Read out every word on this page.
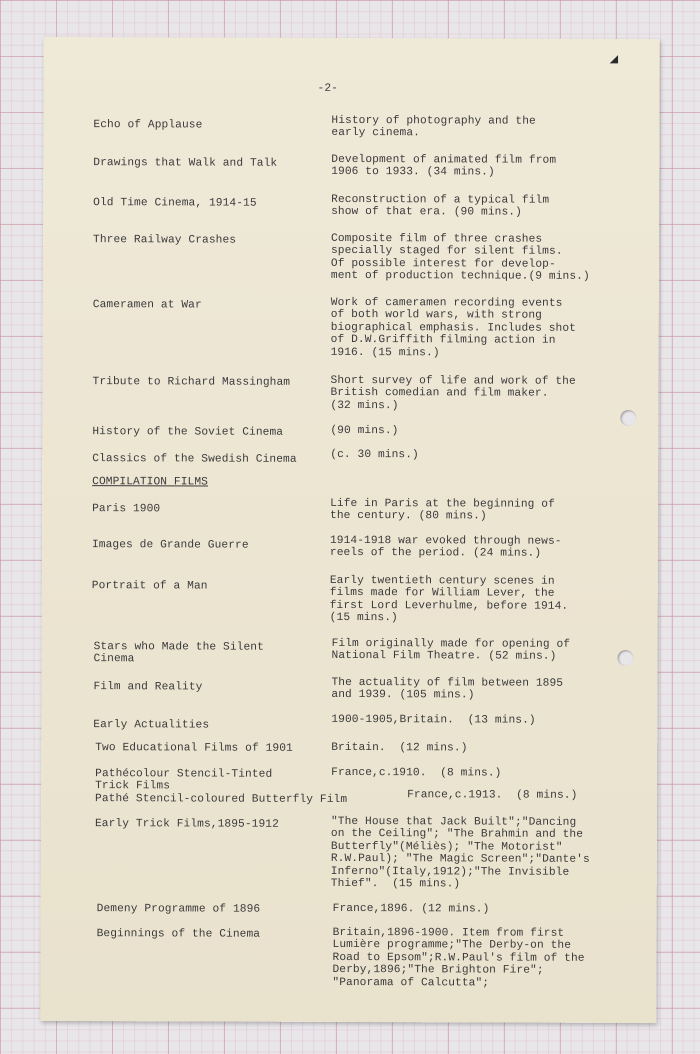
◢
-2-
Echo of Applause
Drawings that Walk and Talk
Old Time Cinema, 1914-15
Three Railway Crashes
Cameramen at War
Tribute to Richard Massingham
History of the Soviet Cinema
Classics of the Swedish Cinema
COMPILATION FILMS
Paris 1900
Images de Grande Guerre
Portrait of a Man
Stars who Made the Silent
Cinema
Film and Reality
Early Actualities
Two Educational Films of 1901
Pathécolour Stencil-Tinted
Trick Films
Pathé Stencil-coloured Butterfly Film
Early Trick Films,1895-1912
Demeny Programme of 1896
Beginnings of the Cinema
History of photography and the
early cinema.
Development of animated film from
1906 to 1933. (34 mins.)
Reconstruction of a typical film
show of that era. (90 mins.)
Composite film of three crashes
specially staged for silent films.
Of possible interest for develop-
ment of production technique.(9 mins.)
Work of cameramen recording events
of both world wars, with strong
biographical emphasis. Includes shot
of D.W.Griffith filming action in
1916. (15 mins.)
Short survey of life and work of the
British comedian and film maker.
(32 mins.)
(90 mins.)
(c. 30 mins.)
Life in Paris at the beginning of
the century. (80 mins.)
1914-1918 war evoked through news-
reels of the period. (24 mins.)
Early twentieth century scenes in
films made for William Lever, the
first Lord Leverhulme, before 1914.
(15 mins.)
Film originally made for opening of
National Film Theatre. (52 mins.)
The actuality of film between 1895
and 1939. (105 mins.)
1900-1905,Britain.  (13 mins.)
Britain.  (12 mins.)
France,c.1910.  (8 mins.)
France,c.1913.  (8 mins.)
"The House that Jack Built";"Dancing
on the Ceiling"; "The Brahmin and the
Butterfly"(Méliès); "The Motorist"
R.W.Paul); "The Magic Screen";"Dante's
Inferno"(Italy,1912);"The Invisible
Thief".  (15 mins.)
France,1896. (12 mins.)
Britain,1896-1900. Item from first
Lumière programme;"The Derby-on the
Road to Epsom";R.W.Paul's film of the
Derby,1896;"The Brighton Fire";
"Panorama of Calcutta";
